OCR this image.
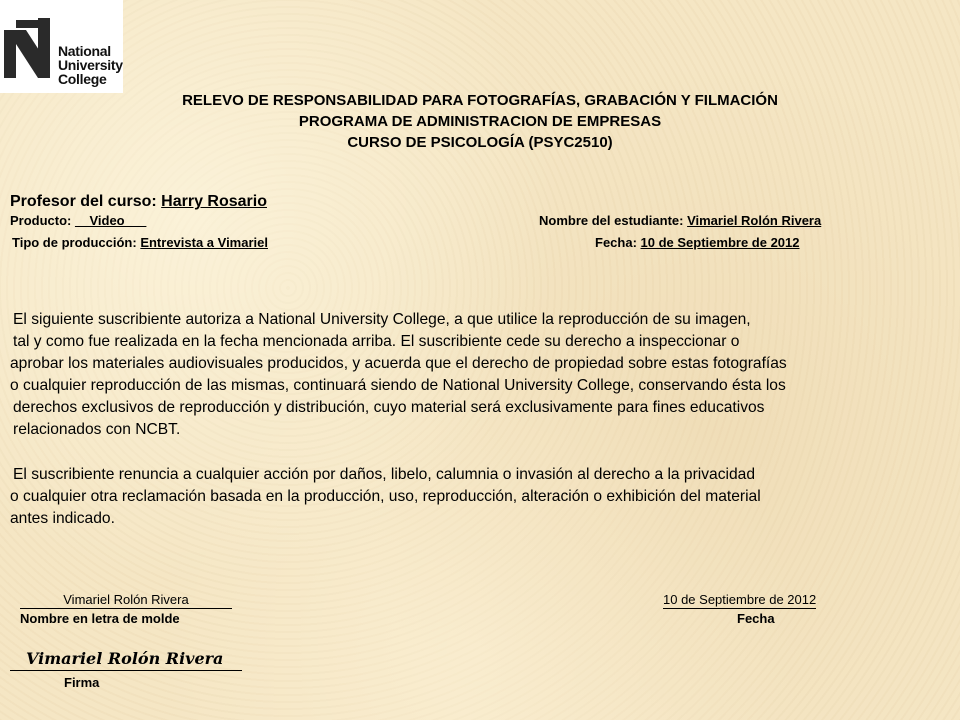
National
University
College
RELEVO DE RESPONSABILIDAD PARA FOTOGRAFÍAS, GRABACIÓN Y FILMACIÓN
PROGRAMA DE ADMINISTRACION DE EMPRESAS
CURSO DE PSICOLOGÍA (PSYC2510)
Profesor del curso: Harry Rosario
Producto: __Video___	Nombre del estudiante: Vimariel Rolón Rivera
Tipo de producción: Entrevista a Vimariel	Fecha: 10 de Septiembre de 2012
El siguiente suscribiente autoriza a National University College, a que utilice la reproducción de su imagen,
tal y como fue realizada en la fecha mencionada arriba. El suscribiente cede su derecho a inspeccionar o
aprobar los materiales audiovisuales producidos, y acuerda que el derecho de propiedad sobre estas fotografías
o cualquier reproducción de las mismas, continuará siendo de National University College, conservando ésta los
derechos exclusivos de reproducción y distribución, cuyo material será exclusivamente para fines educativos
relacionados con NCBT.
El suscribiente renuncia a cualquier acción por daños, libelo, calumnia o invasión al derecho a la privacidad
o cualquier otra reclamación basada en la producción, uso, reproducción, alteración o exhibición del material
antes indicado.
Vimariel Rolón Rivera
Nombre en letra de molde
10 de Septiembre de 2012
Fecha
Vimariel Rolón Rivera
Firma
